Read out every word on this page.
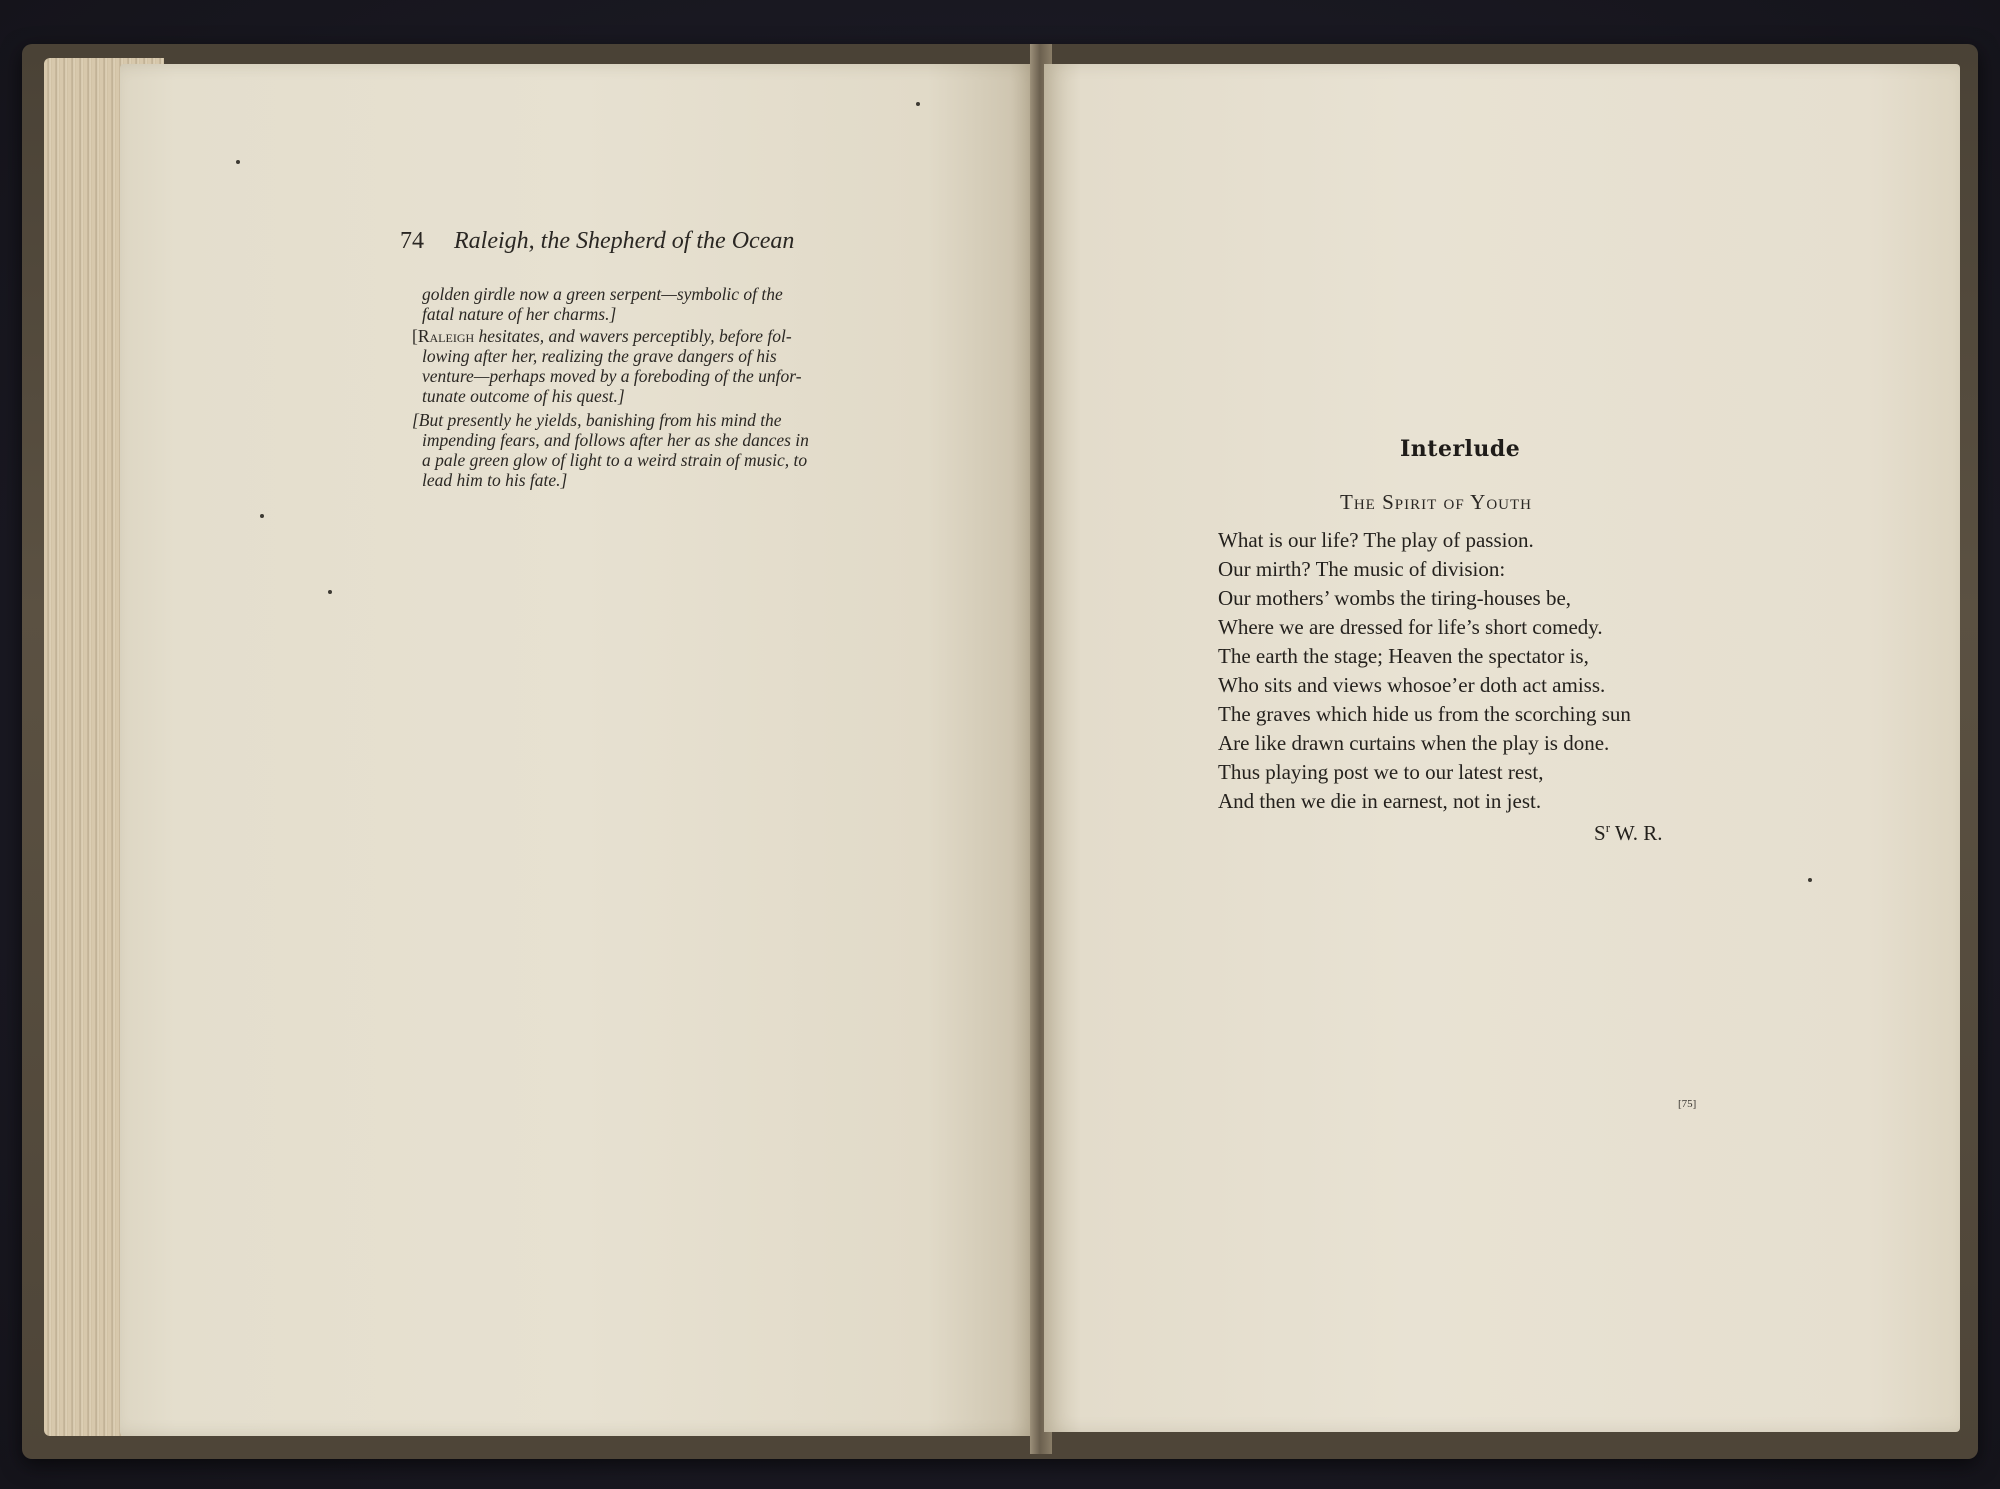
74 Raleigh, the Shepherd of the Ocean
golden girdle now a green serpent—symbolic of the
fatal nature of her charms.]
[Raleigh hesitates, and wavers perceptibly, before fol-
lowing after her, realizing the grave dangers of his
venture—perhaps moved by a foreboding of the unfor-
tunate outcome of his quest.]
[But presently he yields, banishing from his mind the
impending fears, and follows after her as she dances in
a pale green glow of light to a weird strain of music, to
lead him to his fate.]
Interlude
The Spirit of Youth
What is our life? The play of passion.
Our mirth? The music of division:
Our mothers’ wombs the tiring-houses be,
Where we are dressed for life’s short comedy.
The earth the stage; Heaven the spectator is,
Who sits and views whosoe’er doth act amiss.
The graves which hide us from the scorching sun
Are like drawn curtains when the play is done.
Thus playing post we to our latest rest,
And then we die in earnest, not in jest.
$S^r$ W. R.
[75]
